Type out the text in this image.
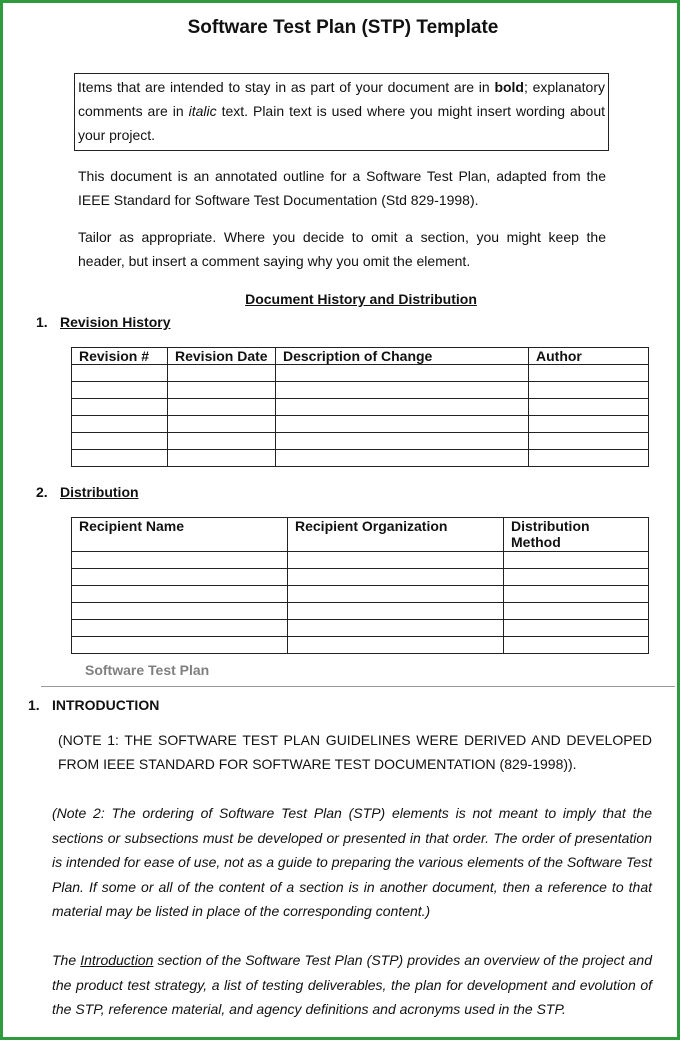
Software Test Plan (STP) Template
Items that are intended to stay in as part of your document are in bold; explanatory comments are in italic text. Plain text is used where you might insert wording about your project.
This document is an annotated outline for a Software Test Plan, adapted from the IEEE Standard for Software Test Documentation (Std 829-1998).
Tailor as appropriate. Where you decide to omit a section, you might keep the header, but insert a comment saying why you omit the element.
Document History and Distribution
1. Revision History
Revision #	Revision Date	Description of Change	Author

2. Distribution
Recipient Name	Recipient Organization	Distribution Method

Software Test Plan
1. INTRODUCTION
(NOTE 1: THE SOFTWARE TEST PLAN GUIDELINES WERE DERIVED AND DEVELOPED FROM IEEE STANDARD FOR SOFTWARE TEST DOCUMENTATION (829-1998)).
(Note 2: The ordering of Software Test Plan (STP) elements is not meant to imply that the sections or subsections must be developed or presented in that order. The order of presentation is intended for ease of use, not as a guide to preparing the various elements of the Software Test Plan. If some or all of the content of a section is in another document, then a reference to that material may be listed in place of the corresponding content.)
The Introduction section of the Software Test Plan (STP) provides an overview of the project and the product test strategy, a list of testing deliverables, the plan for development and evolution of the STP, reference material, and agency definitions and acronyms used in the STP.
